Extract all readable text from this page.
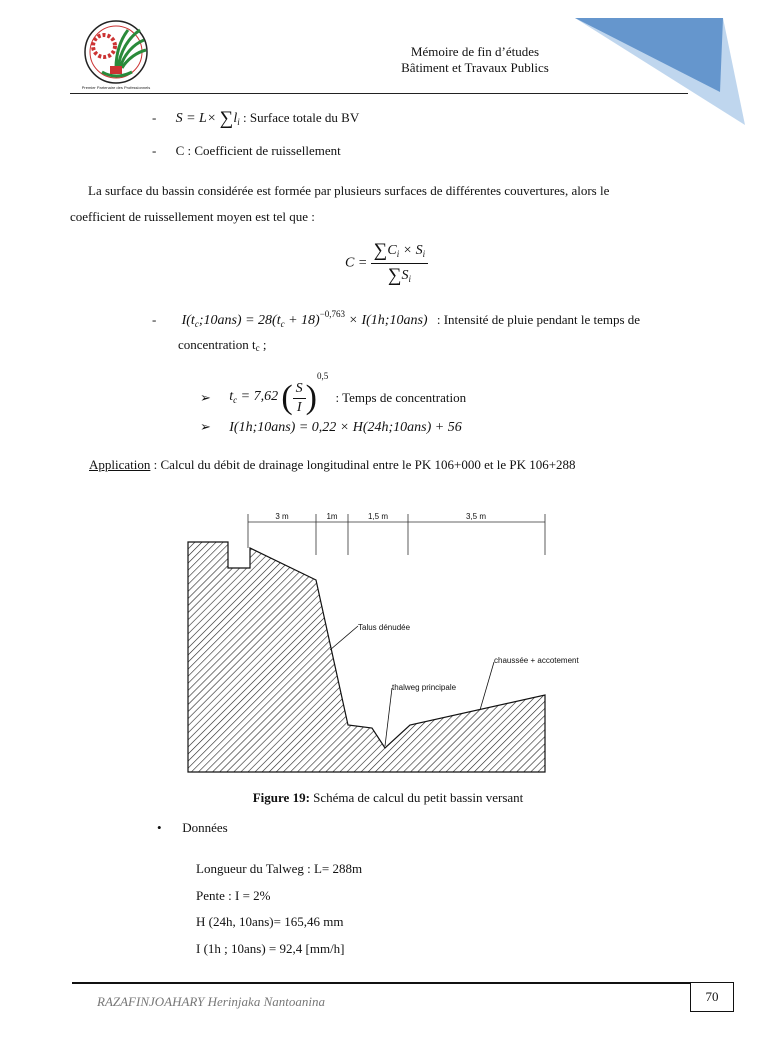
Premier Partenaire des Professionnels
Mémoire de fin d’études
Bâtiment et Travaux Publics
- $S = L\times \sum l_i$ : Surface totale du BV
- C : Coefficient de ruissellement
La surface du bassin considérée est formée par plusieurs surfaces de différentes couvertures, alors le
coefficient de ruissellement moyen est tel que :
$C = \frac{\sum C_i \times S_i}{\sum S_i}$
- $I(t_c;10ans) = 28(t_c + 18)^{-0,763}$ × I(1h;10ans) : Intensité de pluie pendant le temps de
concentration tc ;
➢ $t_c = 7,62$ ( $\frac{S}{I} )^{0,5}$ : Temps de concentration
➢ I(1h;10ans) = 0,22 × H(24h;10ans) + 56
Application : Calcul du débit de drainage longitudinal entre le PK 106+000 et le PK 106+288
3 m	1m	1,5 m	3,5 m
Talus dénudée
thalweg principale
chaussée + accotement
Figure 19: Schéma de calcul du petit bassin versant
• Données
Longueur du Talweg : L= 288m
Pente : I = 2%
H (24h, 10ans)= 165,46 mm
I (1h ; 10ans) = 92,4 [mm/h]
RAZAFINJOAHARY Herinjaka Nantoanina	70
